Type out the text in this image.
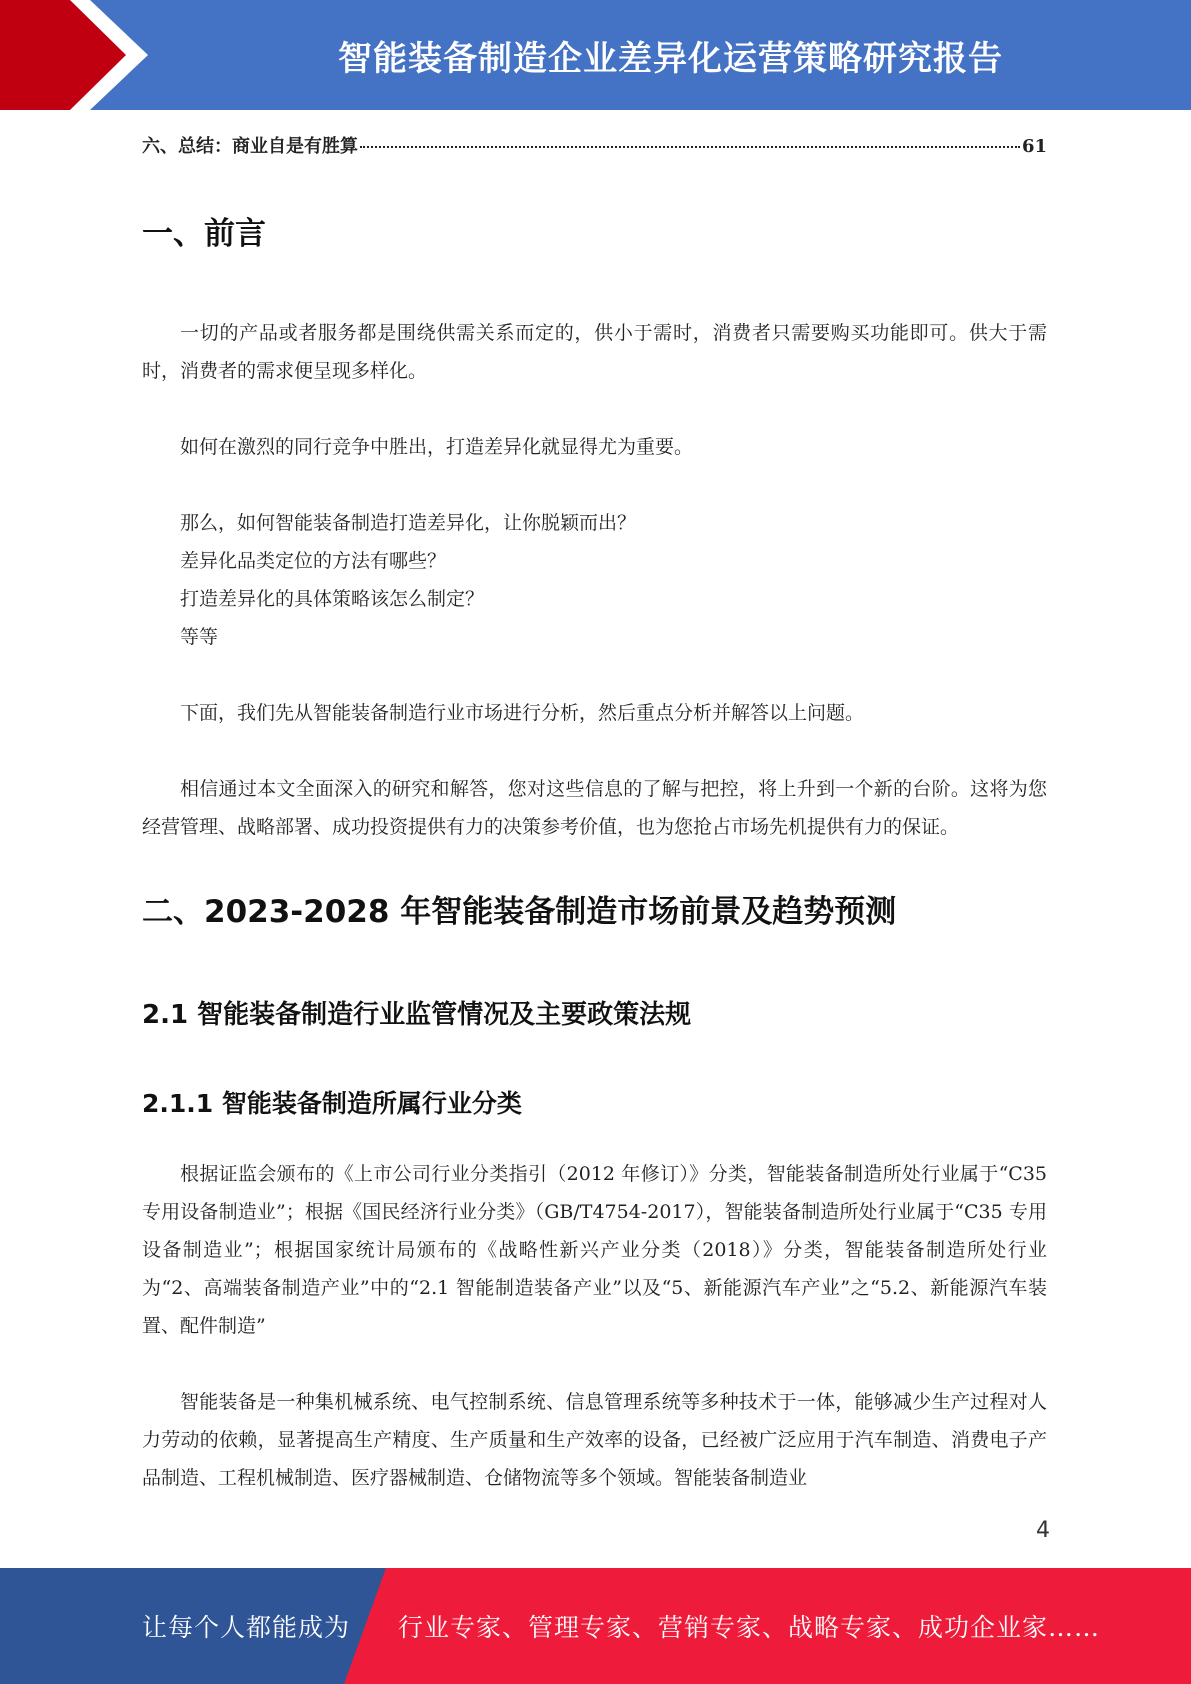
智能装备制造企业差异化运营策略研究报告
六、总结：商业自是有胜算	61
一、前言

一切的产品或者服务都是围绕供需关系而定的，供小于需时，消费者只需要购买功能即可。供大于需时，消费者的需求便呈现多样化。

如何在激烈的同行竞争中胜出，打造差异化就显得尤为重要。

那么，如何智能装备制造打造差异化，让你脱颖而出？

差异化品类定位的方法有哪些？

打造差异化的具体策略该怎么制定？

等等

下面，我们先从智能装备制造行业市场进行分析，然后重点分析并解答以上问题。

相信通过本文全面深入的研究和解答，您对这些信息的了解与把控，将上升到一个新的台阶。这将为您经营管理、战略部署、成功投资提供有力的决策参考价值，也为您抢占市场先机提供有力的保证。

二、2023-2028 年智能装备制造市场前景及趋势预测
2.1 智能装备制造行业监管情况及主要政策法规
2.1.1 智能装备制造所属行业分类

根据证监会颁布的《上市公司行业分类指引（2012 年修订）》分类，智能装备制造所处行业属于“C35 专用设备制造业”；根据《国民经济行业分类》（GB/T4754-2017），智能装备制造所处行业属于“C35 专用设备制造业”；根据国家统计局颁布的《战略性新兴产业分类（2018）》分类，智能装备制造所处行业为“2、高端装备制造产业”中的“2.1 智能制造装备产业”以及“5、新能源汽车产业”之“5.2、新能源汽车装置、配件制造”

智能装备是一种集机械系统、电气控制系统、信息管理系统等多种技术于一体，能够减少生产过程对人力劳动的依赖，显著提高生产精度、生产质量和生产效率的设备，已经被广泛应用于汽车制造、消费电子产品制造、工程机械制造、医疗器械制造、仓储物流等多个领域。智能装备制造业

4
让每个人都能成为 行业专家、管理专家、营销专家、战略专家、成功企业家……
